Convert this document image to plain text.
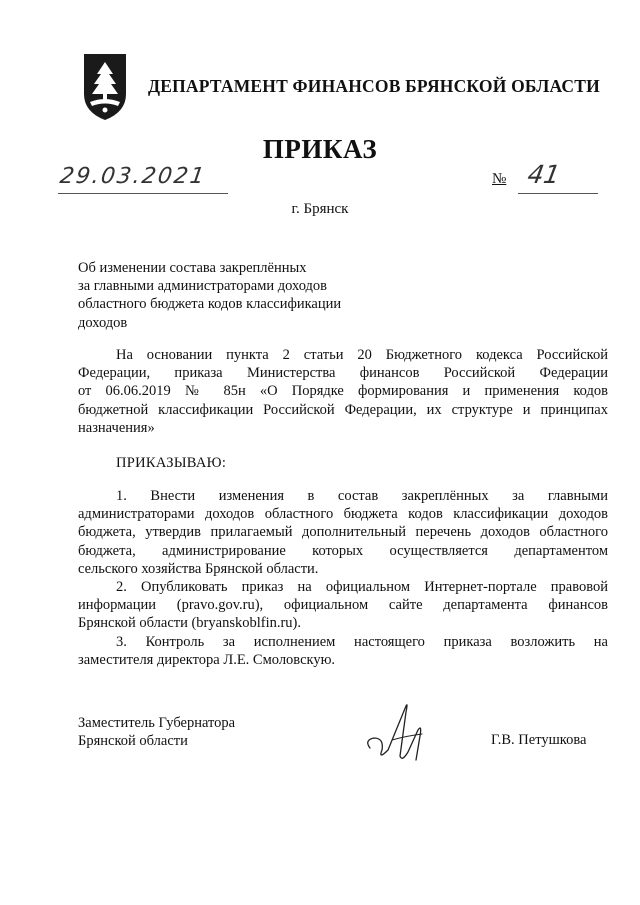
ДЕПАРТАМЕНТ ФИНАНСОВ БРЯНСКОЙ ОБЛАСТИ
ПРИКАЗ
29.03.2021	№ 41
г. Брянск
Об изменении состава закреплённых
за главными администраторами доходов
областного бюджета кодов классификации
доходов
На основании пункта 2 статьи 20 Бюджетного кодекса Российской
Федерации, приказа Министерства финансов Российской Федерации
от 06.06.2019 № 85н «О Порядке формирования и применения кодов
бюджетной классификации Российской Федерации, их структуре и принципах
назначения»
ПРИКАЗЫВАЮ:
1. Внести изменения в состав закреплённых за главными
администраторами доходов областного бюджета кодов классификации доходов
бюджета, утвердив прилагаемый дополнительный перечень доходов областного
бюджета, администрирование которых осуществляется департаментом
сельского хозяйства Брянской области.
2. Опубликовать приказ на официальном Интернет-портале правовой
информации (pravo.gov.ru), официальном сайте департамента финансов
Брянской области (bryanskoblfin.ru).
3. Контроль за исполнением настоящего приказа возложить на
заместителя директора Л.Е. Смоловскую.
Заместитель Губернатора
Брянской области	Г.В. Петушкова
